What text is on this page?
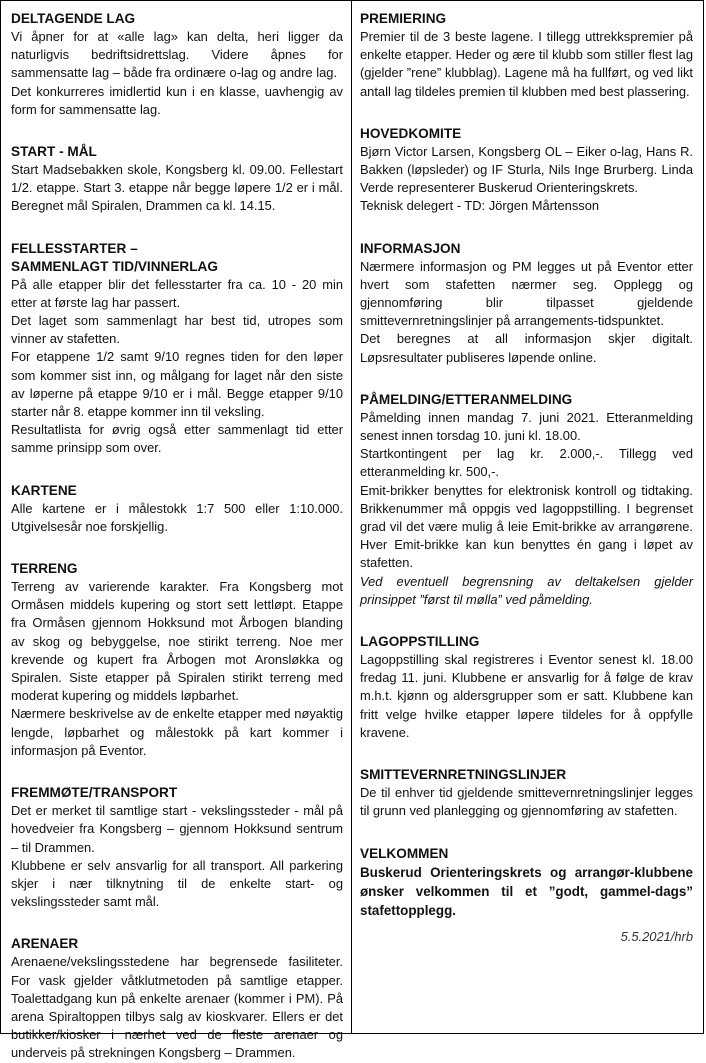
DELTAGENDE LAG

Vi åpner for at «alle lag» kan delta, heri ligger da naturligvis bedriftsidrettslag. Videre åpnes for sammensatte lag – både fra ordinære o-lag og andre lag.

Det konkurreres imidlertid kun i en klasse, uavhengig av form for sammensatte lag.

START - MÅL

Start Madsebakken skole, Kongsberg kl. 09.00. Fellestart 1/2. etappe. Start 3. etappe når begge løpere 1/2 er i mål. Beregnet mål Spiralen, Drammen ca kl. 14.15.

FELLESSTARTER –
SAMMENLAGT TID/VINNERLAG

På alle etapper blir det fellesstarter fra ca. 10 - 20 min etter at første lag har passert.

Det laget som sammenlagt har best tid, utropes som vinner av stafetten.

For etappene 1/2 samt 9/10 regnes tiden for den løper som kommer sist inn, og målgang for laget når den siste av løperne på etappe 9/10 er i mål. Begge etapper 9/10 starter når 8. etappe kommer inn til veksling.

Resultatlista for øvrig også etter sammenlagt tid etter samme prinsipp som over.

KARTENE

Alle kartene er i målestokk 1:7 500 eller 1:10.000. Utgivelsesår noe forskjellig.

TERRENG

Terreng av varierende karakter. Fra Kongsberg mot Ormåsen middels kupering og stort sett lettløpt. Etappe fra Ormåsen gjennom Hokksund mot Årbogen blanding av skog og bebyggelse, noe stirikt terreng. Noe mer krevende og kupert fra Årbogen mot Aronsløkka og Spiralen. Siste etapper på Spiralen stirikt terreng med moderat kupering og middels løpbarhet.

Nærmere beskrivelse av de enkelte etapper med nøyaktig lengde, løpbarhet og målestokk på kart kommer i informasjon på Eventor.

FREMMØTE/TRANSPORT

Det er merket til samtlige start - vekslingssteder - mål på hovedveier fra Kongsberg – gjennom Hokksund sentrum – til Drammen.

Klubbene er selv ansvarlig for all transport. All parkering skjer i nær tilknytning til de enkelte start- og vekslingssteder samt mål.

ARENAER

Arenaene/vekslingsstedene har begrensede fasiliteter. For vask gjelder våtklutmetoden på samtlige etapper. Toalettadgang kun på enkelte arenaer (kommer i PM). På arena Spiraltoppen tilbys salg av kioskvarer. Ellers er det butikker/kiosker i nærhet ved de fleste arenaer og underveis på strekningen Kongsberg – Drammen.

PREMIERING

Premier til de 3 beste lagene. I tillegg uttrekkspremier på enkelte etapper. Heder og ære til klubb som stiller flest lag (gjelder ”rene” klubblag). Lagene må ha fullført, og ved likt antall lag tildeles premien til klubben med best plassering.

HOVEDKOMITE

Bjørn Victor Larsen, Kongsberg OL – Eiker o-lag, Hans R. Bakken (løpsleder) og IF Sturla, Nils Inge Brurberg. Linda Verde representerer Buskerud Orienteringskrets.

Teknisk delegert - TD: Jörgen Mårtensson

INFORMASJON

Nærmere informasjon og PM legges ut på Eventor etter hvert som stafetten nærmer seg. Opplegg og gjennomføring blir tilpasset gjeldende smittevernretningslinjer på arrangements-tidspunktet.

Det beregnes at all informasjon skjer digitalt. Løpsresultater publiseres løpende online.

PÅMELDING/ETTERANMELDING

Påmelding innen mandag 7. juni 2021. Etteranmelding senest innen torsdag 10. juni kl. 18.00.

Startkontingent per lag kr. 2.000,-. Tillegg ved etteranmelding kr. 500,-.

Emit-brikker benyttes for elektronisk kontroll og tidtaking. Brikkenummer må oppgis ved lagoppstilling. I begrenset grad vil det være mulig å leie Emit-brikke av arrangørene. Hver Emit-brikke kan kun benyttes én gang i løpet av stafetten.

Ved eventuell begrensning av deltakelsen gjelder prinsippet ”først til mølla” ved påmelding.

LAGOPPSTILLING

Lagoppstilling skal registreres i Eventor senest kl. 18.00 fredag 11. juni. Klubbene er ansvarlig for å følge de krav m.h.t. kjønn og aldersgrupper som er satt. Klubbene kan fritt velge hvilke etapper løpere tildeles for å oppfylle kravene.

SMITTEVERNRETNINGSLINJER

De til enhver tid gjeldende smittevernretningslinjer legges til grunn ved planlegging og gjennomføring av stafetten.

VELKOMMEN

Buskerud Orienteringskrets og arrangør-klubbene ønsker velkommen til et ”godt, gammel-dags” stafettopplegg.

5.5.2021/hrb
